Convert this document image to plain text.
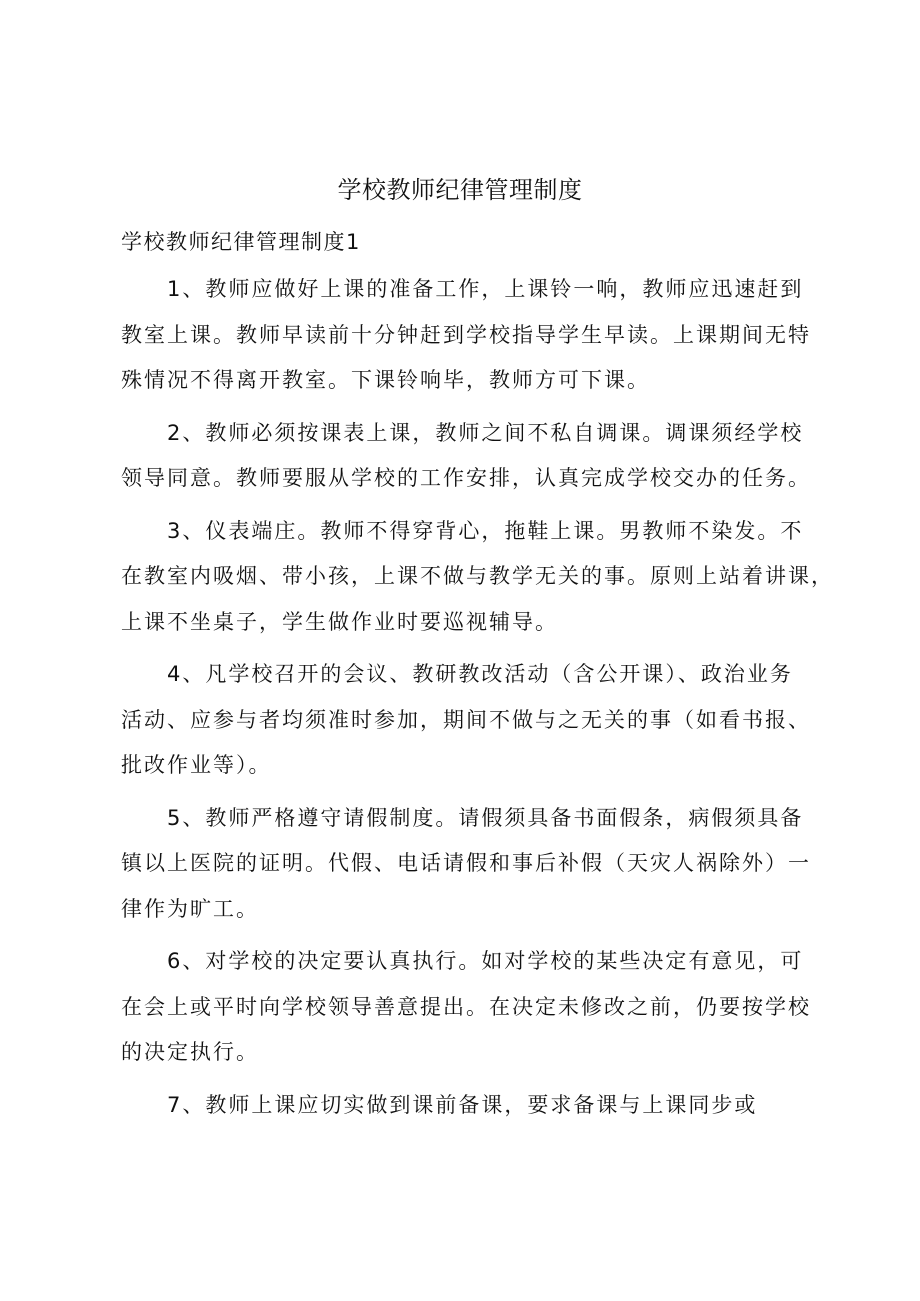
学校教师纪律管理制度
学校教师纪律管理制度1
1、教师应做好上课的准备工作，上课铃一响，教师应迅速赶到
教室上课。教师早读前十分钟赶到学校指导学生早读。上课期间无特
殊情况不得离开教室。下课铃响毕，教师方可下课。
2、教师必须按课表上课，教师之间不私自调课。调课须经学校
领导同意。教师要服从学校的工作安排，认真完成学校交办的任务。
3、仪表端庄。教师不得穿背心，拖鞋上课。男教师不染发。不
在教室内吸烟、带小孩，上课不做与教学无关的事。原则上站着讲课，
上课不坐桌子，学生做作业时要巡视辅导。
4、凡学校召开的会议、教研教改活动（含公开课）、政治业务
活动、应参与者均须准时参加，期间不做与之无关的事（如看书报、
批改作业等）。
5、教师严格遵守请假制度。请假须具备书面假条，病假须具备
镇以上医院的证明。代假、电话请假和事后补假（天灾人祸除外）一
律作为旷工。
6、对学校的决定要认真执行。如对学校的某些决定有意见，可
在会上或平时向学校领导善意提出。在决定未修改之前，仍要按学校
的决定执行。
7、教师上课应切实做到课前备课，要求备课与上课同步或
